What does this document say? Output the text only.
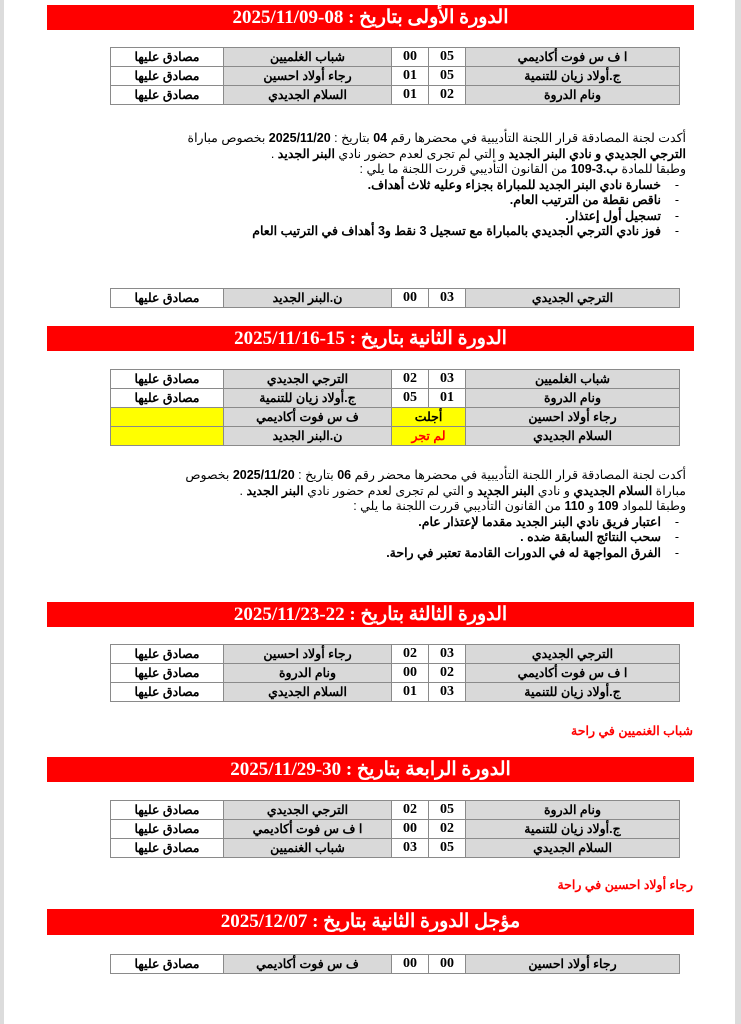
الدورة الأولى بتاريخ : 08-2025/11/09
ا ف س فوت أكاديمي	05	00	شباب الغلميين	مصادق عليها
ج.أولاد زيان للتنمية	05	01	رجاء أولاد احسين	مصادق عليها
ونام الدروة	02	01	السلام الجديدي	مصادق عليها

أكدت لجنة المصادقة قرار اللجنة التأديبية في محضرها رقم 04 بتاريخ : 2025/11/20 بخصوص مباراة

الترجي الجديدي و نادي البنر الجديد و التي لم تجرى لعدم حضور نادي البنر الجديد .

وطبقا للمادة ب.3-109 من القانون التأديبي قررت اللجنة ما يلي :

-
خسارة نادي البنر الجديد للمباراة بجزاء وعليه ثلاث أهداف.
-
ناقص نقطة من الترتيب العام.
-
تسجيل أول إعتذار.
-
فوز نادي الترجي الجديدي بالمباراة مع تسجيل 3 نقط و3 أهداف في الترتيب العام
الترجي الجديدي	03	00	ن.البنر الجديد	مصادق عليها
الدورة الثانية بتاريخ : 15-2025/11/16
شباب الغلميين	03	02	الترجي الجديدي	مصادق عليها
ونام الدروة	01	05	ج.أولاد زيان للتنمية	مصادق عليها
رجاء أولاد احسين	أجلت		ف س فوت أكاديمي	
السلام الجديدي	لم تجر		ن.البنر الجديد	

أكدت لجنة المصادقة قرار اللجنة التأديبية في محضرها محضر رقم 06 بتاريخ : 2025/11/20 بخصوص

مباراة السلام الجديدي و نادي البنر الجديد و التي لم تجرى لعدم حضور نادي البنر الجديد .

وطبقا للمواد 109 و 110 من القانون التأديبي قررت اللجنة ما يلي :

-
اعتبار فريق نادي البنر الجديد مقدما لإعتذار عام.
-
سحب النتائج السابقة ضده .
-
الفرق المواجهة له في الدورات القادمة تعتبر في راحة.
الدورة الثالثة بتاريخ : 22-2025/11/23
الترجي الجديدي	03	02	رجاء أولاد احسين	مصادق عليها
ا ف س فوت أكاديمي	02	00	ونام الدروة	مصادق عليها
ج.أولاد زيان للتنمية	03	01	السلام الجديدي	مصادق عليها
شباب الغنميين في راحة
الدورة الرابعة بتاريخ : 30-2025/11/29
ونام الدروة	05	02	الترجي الجديدي	مصادق عليها
ج.أولاد زيان للتنمية	02	00	ا ف س فوت أكاديمي	مصادق عليها
السلام الجديدي	05	03	شباب الغنميين	مصادق عليها
رجاء أولاد احسين في راحة
مؤجل الدورة الثانية بتاريخ : 2025/12/07
رجاء أولاد احسين	00	00	ف س فوت أكاديمي	مصادق عليها
